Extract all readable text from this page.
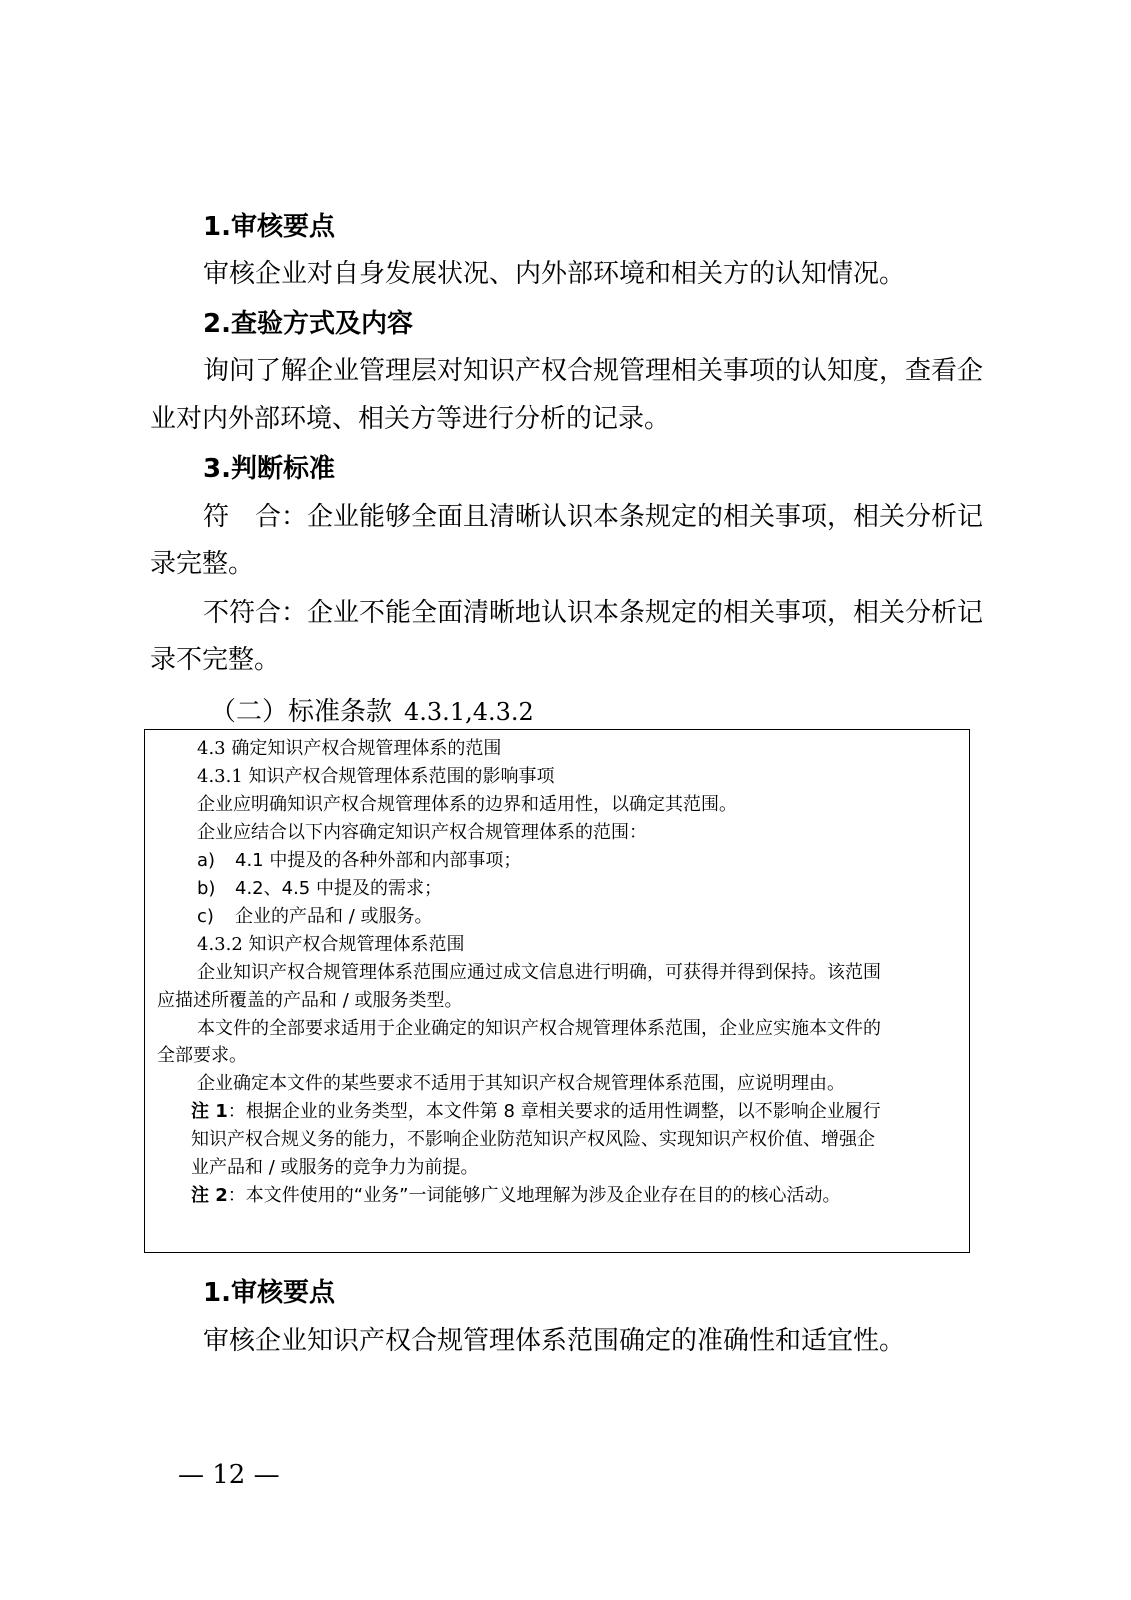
1.审核要点
审核企业对自身发展状况、内外部环境和相关方的认知情况。
2.查验方式及内容
询问了解企业管理层对知识产权合规管理相关事项的认知度，查看企
业对内外部环境、相关方等进行分析的记录。
3.判断标准
符　合：企业能够全面且清晰认识本条规定的相关事项，相关分析记
录完整。
不符合：企业不能全面清晰地认识本条规定的相关事项，相关分析记
录不完整。
（二）标准条款 4.3.1,4.3.2
4.3 确定知识产权合规管理体系的范围
4.3.1 知识产权合规管理体系范围的影响事项
企业应明确知识产权合规管理体系的边界和适用性，以确定其范围。
企业应结合以下内容确定知识产权合规管理体系的范围：
a) 4.1 中提及的各种外部和内部事项；
b) 4.2、4.5 中提及的需求；
c) 企业的产品和 / 或服务。
4.3.2 知识产权合规管理体系范围
企业知识产权合规管理体系范围应通过成文信息进行明确，可获得并得到保持。该范围
应描述所覆盖的产品和 / 或服务类型。
本文件的全部要求适用于企业确定的知识产权合规管理体系范围，企业应实施本文件的
全部要求。
企业确定本文件的某些要求不适用于其知识产权合规管理体系范围，应说明理由。
注 1：根据企业的业务类型，本文件第 8 章相关要求的适用性调整，以不影响企业履行
知识产权合规义务的能力，不影响企业防范知识产权风险、实现知识产权价值、增强企
业产品和 / 或服务的竞争力为前提。
注 2：本文件使用的“业务”一词能够广义地理解为涉及企业存在目的的核心活动。
1.审核要点
审核企业知识产权合规管理体系范围确定的准确性和适宜性。
— 12 —
